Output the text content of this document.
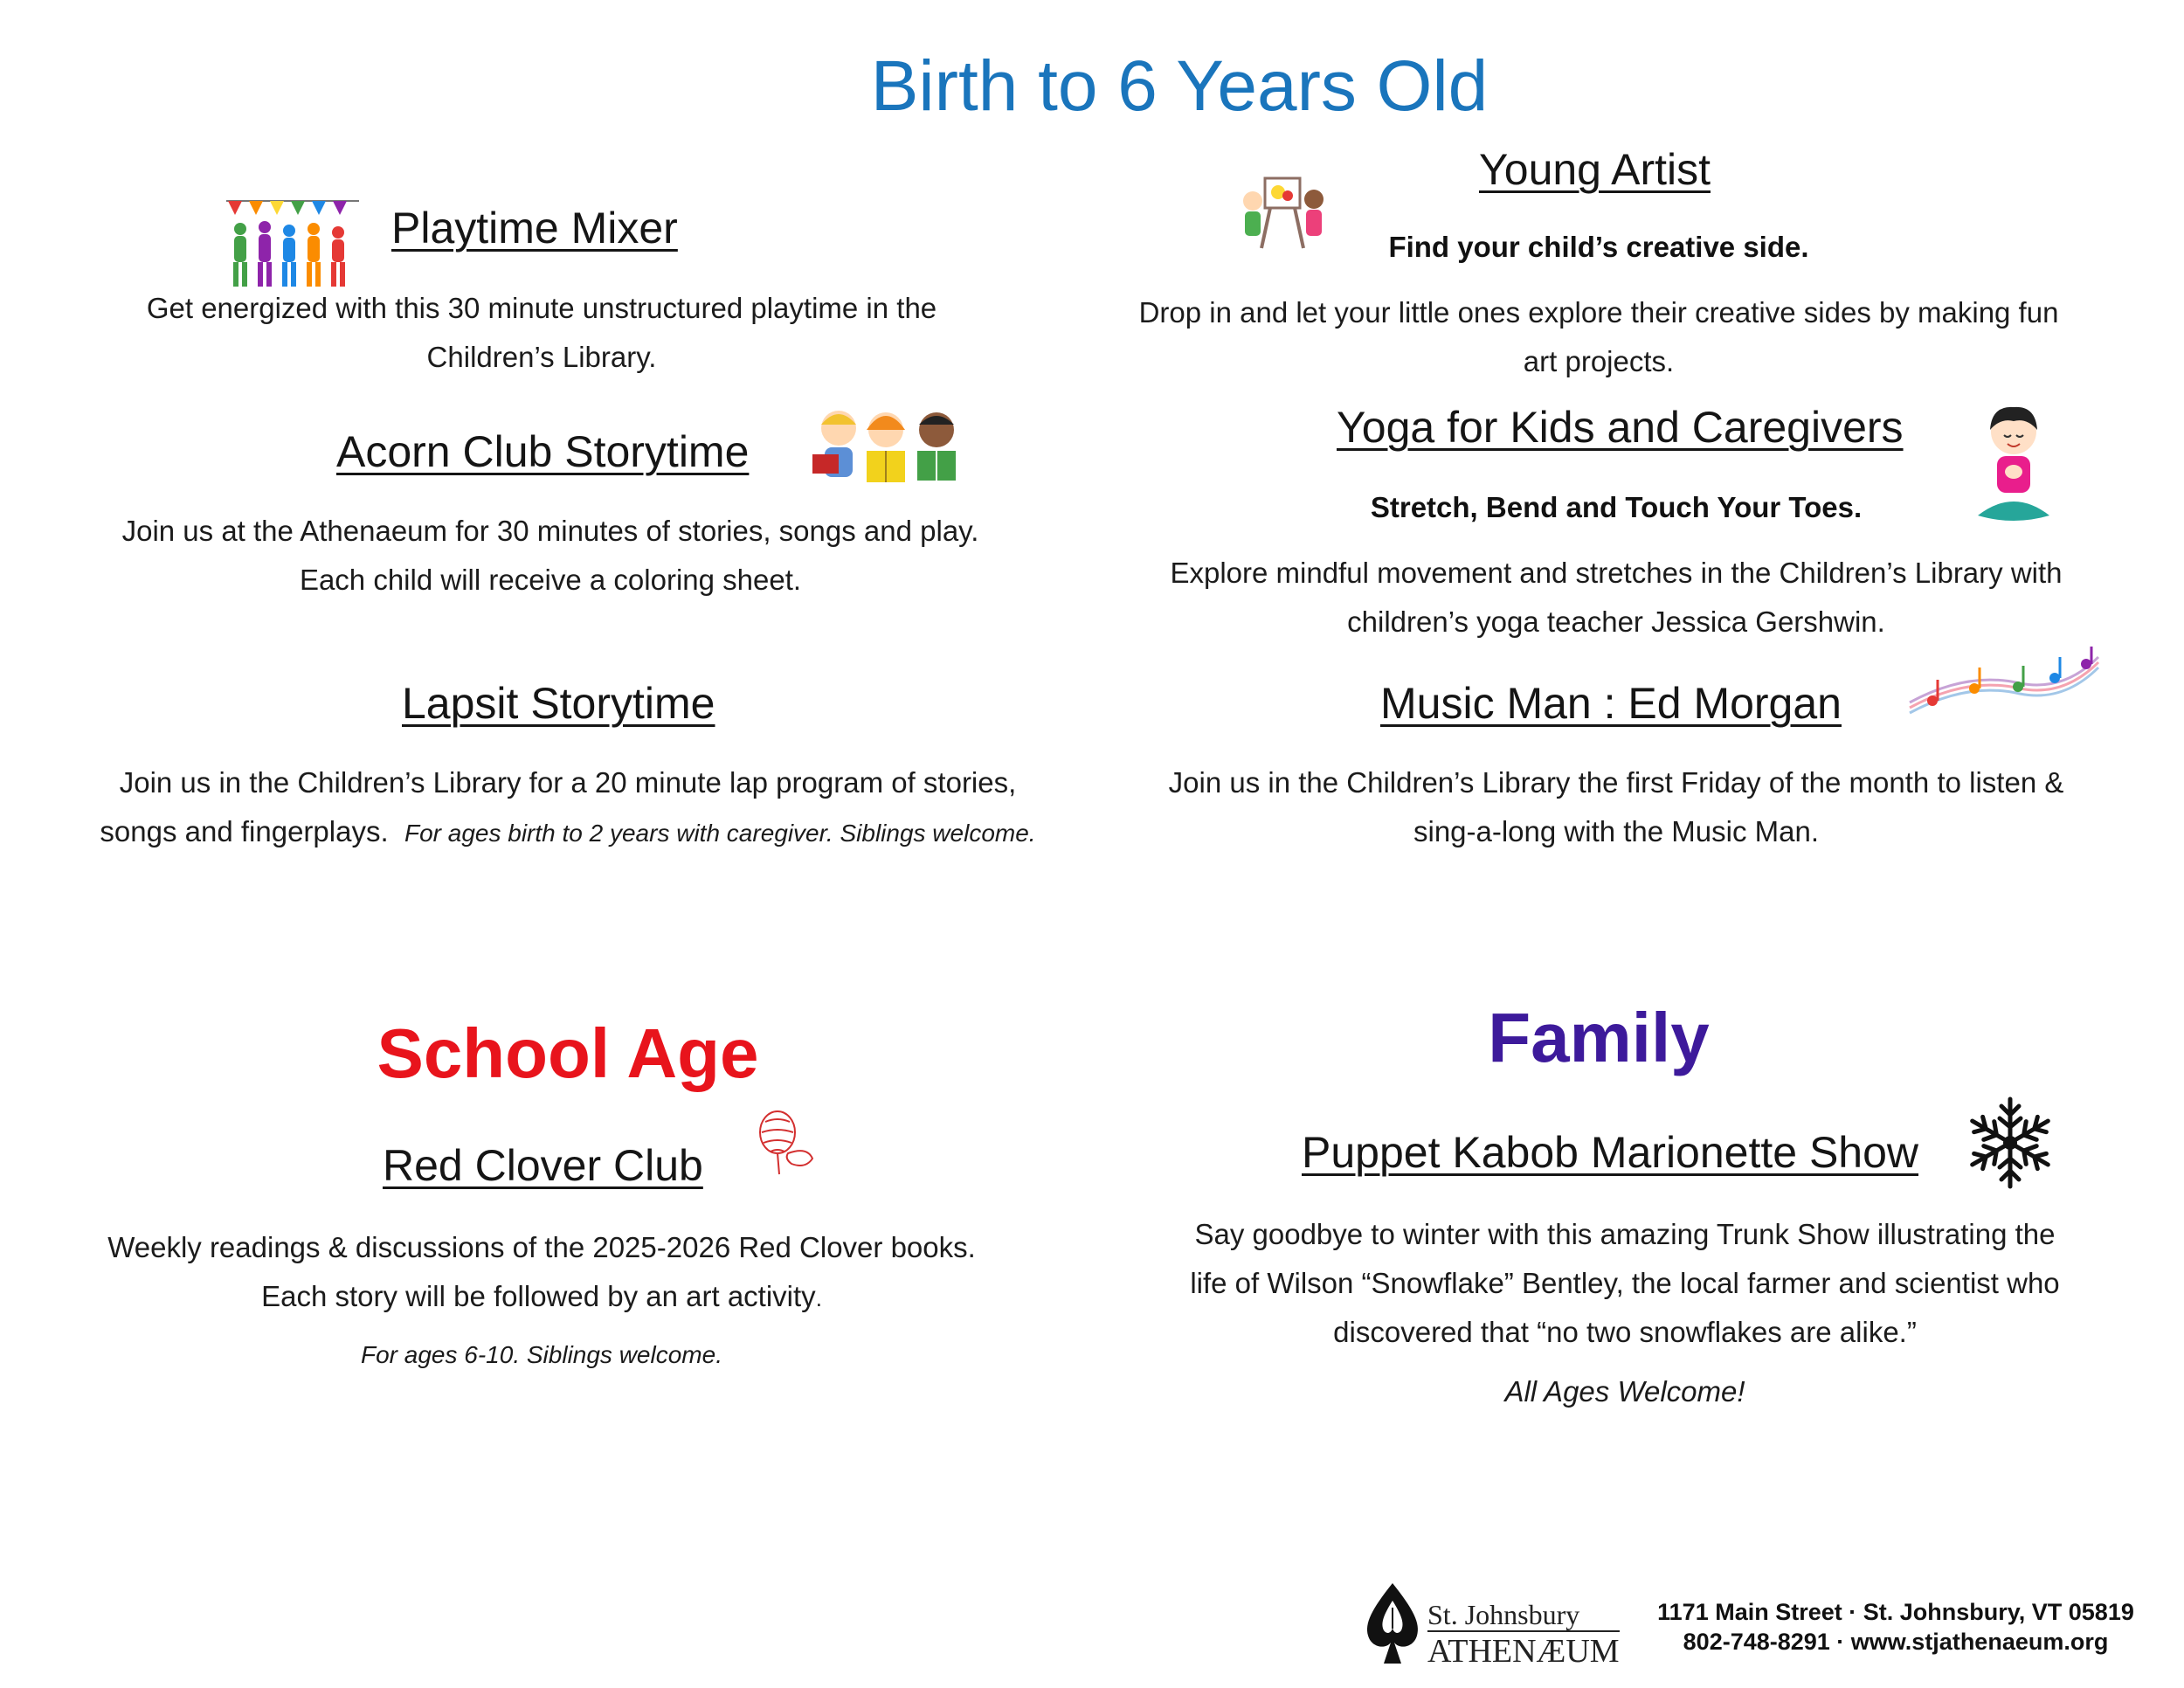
Birth to 6 Years Old
Playtime Mixer
Get energized with this 30 minute unstructured playtime in the
Children’s Library.
Acorn Club Storytime
Join us at the Athenaeum for 30 minutes of stories, songs and play.
Each child will receive a coloring sheet.
Lapsit Storytime
Join us in the Children’s Library for a 20 minute lap program of stories,
songs and fingerplays. For ages birth to 2 years with caregiver. Siblings welcome.
Young Artist
Find your child’s creative side.
Drop in and let your little ones explore their creative sides by making fun
art projects.
Yoga for Kids and Caregivers
Stretch, Bend and Touch Your Toes.
Explore mindful movement and stretches in the Children’s Library with
children’s yoga teacher Jessica Gershwin.
Music Man : Ed Morgan
Join us in the Children’s Library the first Friday of the month to listen &
sing-a-long with the Music Man.
School Age
Red Clover Club
Weekly readings & discussions of the 2025-2026 Red Clover books.
Each story will be followed by an art activity.
For ages 6-10. Siblings welcome.
Family
Puppet Kabob Marionette Show
Say goodbye to winter with this amazing Trunk Show illustrating the
life of Wilson “Snowflake” Bentley, the local farmer and scientist who
discovered that “no two snowflakes are alike.”
All Ages Welcome!
St. Johnsbury
ATHENÆUM
1171 Main Street · St. Johnsbury, VT 05819
802-748-8291 · www.stjathenaeum.org
